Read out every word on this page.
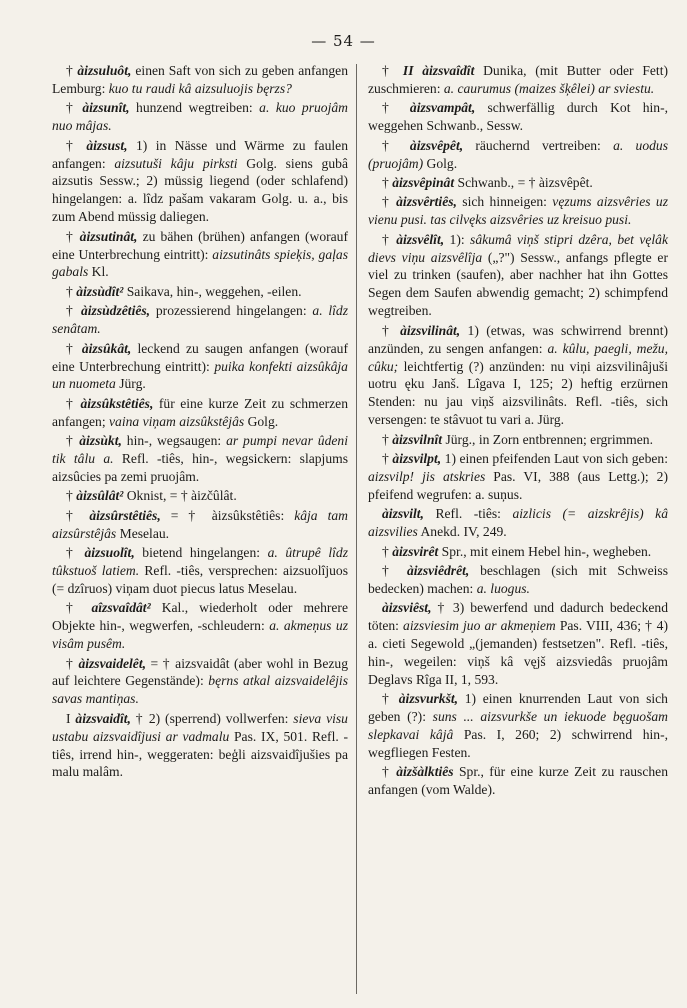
— 54 —

† àizsuluôt, einen Saft von sich zu geben anfangen Lemburg: kuo tu raudi kâ aizsuluojis bęrzs?

† àizsunît, hunzend wegtreiben: a. kuo pruojâm nuo mâjas.

† àizsust, 1) in Nässe und Wärme zu faulen anfangen: aizsutuši kâju pirksti Golg. siens gubâ aizsutis Sessw.; 2) müssig liegend (oder schlafend) hingelangen: a. lîdz pašam vakaram Golg. u. a., bis zum Abend müssig daliegen.

† àizsutinât, zu bähen (brühen) anfangen (worauf eine Unterbrechung eintritt): aizsutinâts spieķis, gaļas gabals Kl.

† àizsùdît² Saikava, hin-, weggehen, -eilen.

† àizsùdzêtiês, prozessierend hingelangen: a. lîdz senâtam.

† àizsûkât, leckend zu saugen anfangen (worauf eine Unterbrechung eintritt): puika konfekti aizsûkâja un nuometa Jürg.

† àizsûkstêtiês, für eine kurze Zeit zu schmerzen anfangen; vaina viņam aizsûkstêjâs Golg.

† àizsùkt, hin-, wegsaugen: ar pumpi nevar ûdeni tik tâlu a. Refl. -tiês, hin-, wegsickern: slapjums aizsûcies pa zemi pruojâm.

† àizsûlât² Oknist, = † àizčûlât.

† àizsûrstêtiês, = † àizsûkstêtiês: kâja tam aizsûrstêjâs Meselau.

† àizsuolît, bietend hingelangen: a. ûtrupê lîdz tûkstuoš latiem. Refl. -tiês, versprechen: aizsuolîjuos (= dzîruos) viņam duot piecus latus Meselau.

† aîzsvaîdât² Kal., wiederholt oder mehrere Objekte hin-, wegwerfen, -schleudern: a. akmeņus uz visâm pusêm.

† àizsvaidelêt, = † aizsvaidât (aber wohl in Bezug auf leichtere Gegenstände): bęrns atkal aizsvaidelêjis savas mantiņas.

I àizsvaidît, † 2) (sperrend) vollwerfen: sieva visu ustabu aizsvaidîjusi ar vadmalu Pas. IX, 501. Refl. -tiês, irrend hin-, weggeraten: beģli aizsvaidîjušies pa malu malâm.

† II àizsvaîdît Dunika, (mit Butter oder Fett) zuschmieren: a. caurumus (maizes šķêlei) ar sviestu.

† àizsvampât, schwerfällig durch Kot hin-, weggehen Schwanb., Sessw.

† àizsvêpêt, räuchernd vertreiben: a. uodus (pruojâm) Golg.

† àizsvêpinât Schwanb., = † àizsvêpêt.

† àizsvêrtiês, sich hinneigen: vęzums aizsvêries uz vienu pusi. tas cilvęks aizsvêries uz kreisuo pusi.

† àizsvêlît, 1): sâkumâ viņš stipri dzêra, bet vęlâk dievs viņu aizsvêlîja („?") Sessw., anfangs pflegte er viel zu trinken (saufen), aber nachher hat ihn Gottes Segen dem Saufen abwendig gemacht; 2) schimpfend wegtreiben.

† àizsvilinât, 1) (etwas, was schwirrend brennt) anzünden, zu sengen anfangen: a. kûlu, paegli, mežu, cûku; leichtfertig (?) anzünden: nu viņi aizsvilinâjuši uotru ęku Janš. Lîgava I, 125; 2) heftig erzürnen Stenden: nu jau viņš aizsvilinâts. Refl. -tiês, sich versengen: te stâvuot tu vari a. Jürg.

† àizsvilnît Jürg., in Zorn entbrennen; ergrimmen.

† àizsvilpt, 1) einen pfeifenden Laut von sich geben: aizsvilp! jis atskries Pas. VI, 388 (aus Lettg.); 2) pfeifend wegrufen: a. suņus.

àizsvilt, Refl. -tiês: aizlicis (= aizskrêjis) kâ aizsvilies Anekd. IV, 249.

† àizsvirêt Spr., mit einem Hebel hin-, wegheben.

† àizsviêdrêt, beschlagen (sich mit Schweiss bedecken) machen: a. luogus.

àizsviêst, † 3) bewerfend und dadurch bedeckend töten: aizsviesim juo ar akmeņiem Pas. VIII, 436; † 4) a. cieti Segewold „(jemanden) festsetzen". Refl. -tiês, hin-, wegeilen: viņš kâ vęjš aizsviedâs pruojâm Deglavs Rîga II, 1, 593.

† àizsvurkšt, 1) einen knurrenden Laut von sich geben (?): suns ... aizsvurkše un iekuode bęguošam slepkavai kâjâ Pas. I, 260; 2) schwirrend hin-, wegfliegen Festen.

† àizšàlktiês Spr., für eine kurze Zeit zu rauschen anfangen (vom Walde).
